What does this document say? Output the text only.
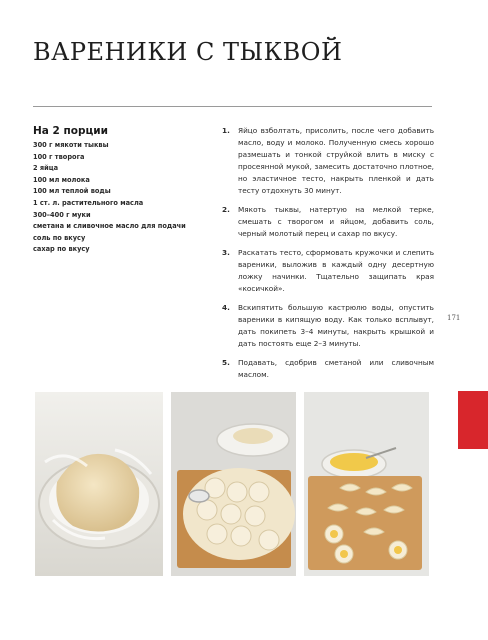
ВАРЕНИКИ С ТЫКВОЙ
На 2 порции
300 г мякоти тыквы
100 г творога
2 яйца
100 мл молока
100 мл теплой воды
1 ст. л. растительного масла
300–400 г муки
сметана и сливочное масло для подачи
соль по вкусу
сахар по вкусу
1. Яйцо взболтать, присолить, после чего добавить масло, воду и молоко. Полученную смесь хорошо размешать и тонкой струйкой влить в миску с просеянной мукой, замесить достаточно плотное, но эластичное тесто, накрыть пленкой и дать тесту отдохнуть 30 минут.
2. Мякоть тыквы, натертую на мелкой терке, смешать с творогом и яйцом, добавить соль, черный молотый перец и сахар по вкусу.
3. Раскатать тесто, сформовать кружочки и слепить вареники, выложив в каждый одну десертную ложку начинки. Тщательно защипать края «косичкой».
4. Вскипятить большую кастрюлю воды, опустить вареники в кипящую воду. Как только всплывут, дать покипеть 3–4 минуты, накрыть крышкой и дать постоять еще 2–3 минуты.
5. Подавать, сдобрив сметаной или сливочным маслом.
171
